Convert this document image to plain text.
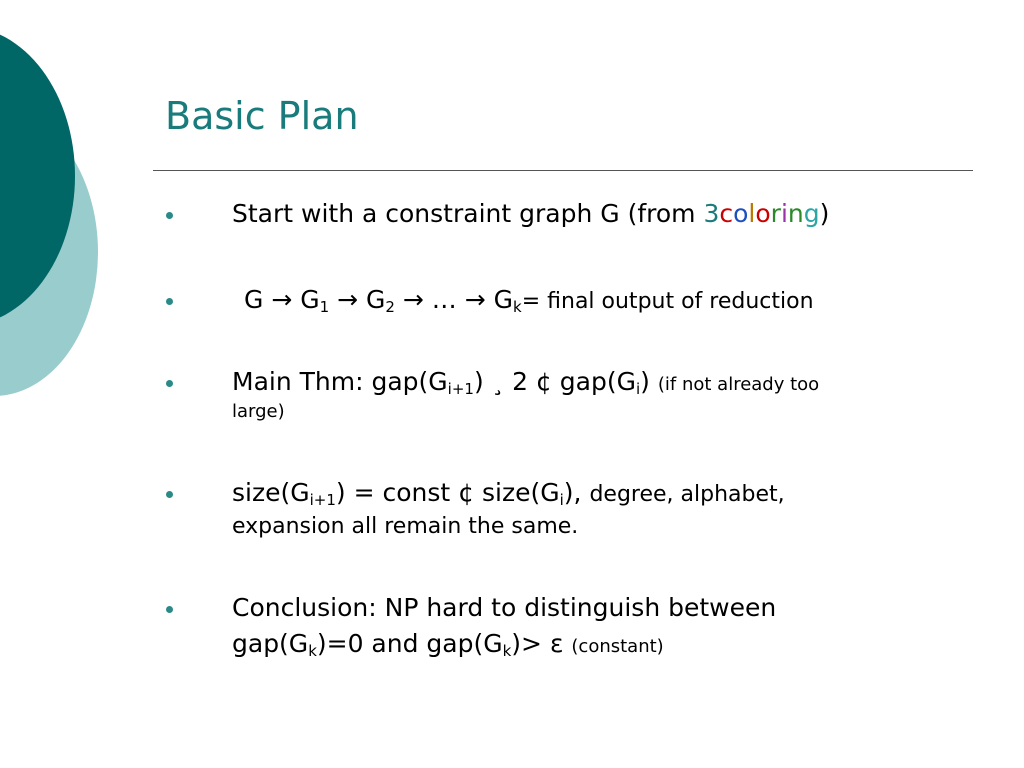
Basic Plan
Start with a constraint graph G (from 3coloring)
$G \to G_1 \to G_2$ → … → $G_k=$ final output of reduction
Main Thm: $gap(G_{i+1})$ ¸ 2 ¢ $gap(G_i)$ (if not already too
large)
$size(G_{i+1})$ = const ¢ $size(G_i)$, degree, alphabet,
expansion all remain the same.
Conclusion: NP hard to distinguish between
$gap(G_k)=0$ and $gap(G_k)> \varepsilon$ (constant)
